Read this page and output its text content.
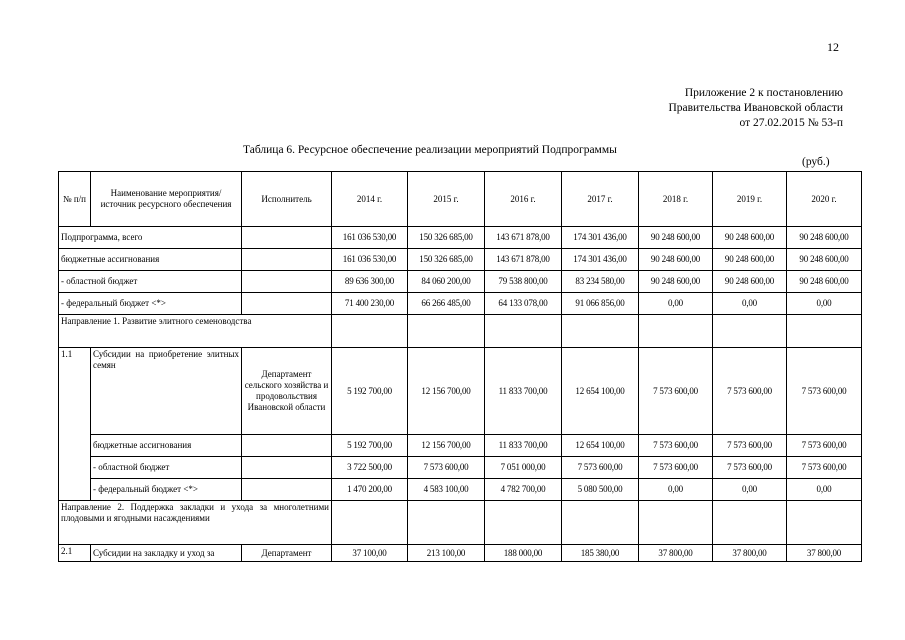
12
Приложение 2 к постановлению
Правительства Ивановской области
от 27.02.2015 № 53-п
Таблица 6. Ресурсное обеспечение реализации мероприятий Подпрограммы
(руб.)
№ п/п	Наименование мероприятия/ источник ресурсного обеспечения	Исполнитель	2014 г.	2015 г.	2016 г.	2017 г.	2018 г.	2019 г.	2020 г.
Подпрограмма, всего			161 036 530,00	150 326 685,00	143 671 878,00	174 301 436,00	90 248 600,00	90 248 600,00	90 248 600,00
бюджетные ассигнования			161 036 530,00	150 326 685,00	143 671 878,00	174 301 436,00	90 248 600,00	90 248 600,00	90 248 600,00
- областной бюджет			89 636 300,00	84 060 200,00	79 538 800,00	83 234 580,00	90 248 600,00	90 248 600,00	90 248 600,00
- федеральный бюджет <*>			71 400 230,00	66 266 485,00	64 133 078,00	91 066 856,00	0,00	0,00	0,00
Направление 1. Развитие элитного семеноводства									
1.1	Субсидии на приобретение элитных семян	Департамент сельского хозяйства и продовольствия Ивановской области	5 192 700,00	12 156 700,00	11 833 700,00	12 654 100,00	7 573 600,00	7 573 600,00	7 573 600,00
	бюджетные ассигнования		5 192 700,00	12 156 700,00	11 833 700,00	12 654 100,00	7 573 600,00	7 573 600,00	7 573 600,00
	- областной бюджет		3 722 500,00	7 573 600,00	7 051 000,00	7 573 600,00	7 573 600,00	7 573 600,00	7 573 600,00
	- федеральный бюджет <*>		1 470 200,00	4 583 100,00	4 782 700,00	5 080 500,00	0,00	0,00	0,00
Направление 2. Поддержка закладки и ухода за многолетними плодовыми и ягодными насаждениями									
2.1	Субсидии на закладку и уход за	Департамент	37 100,00	213 100,00	188 000,00	185 380,00	37 800,00	37 800,00	37 800,00
